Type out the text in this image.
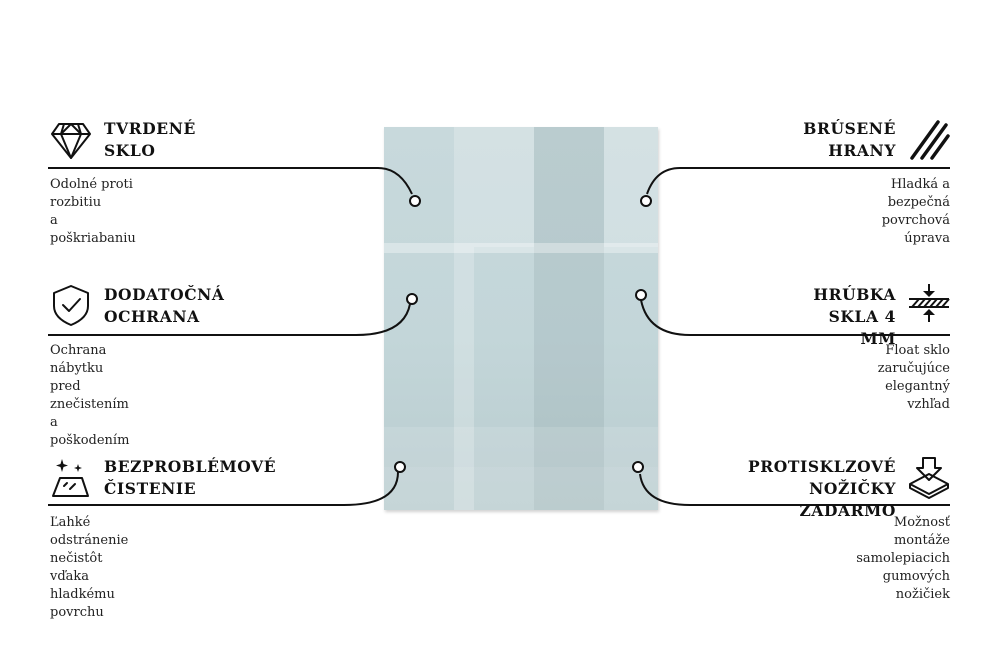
TVRDENÉ
SKLO
Odolné proti rozbitiu
a poškriabaniu
DODATOČNÁ
OCHRANA
Ochrana nábytku
pred znečistením a poškodením
BEZPROBLÉMOVÉ
ČISTENIE
Ľahké odstránenie nečistôt
vďaka hladkému povrchu
BRÚSENÉ
HRANY
Hladká a bezpečná
povrchová úprava
HRÚBKA
SKLA 4 MM
Float sklo zaručujúce
elegantný vzhľad
PROTISKLZOVÉ
NOŽIČKY ZADARMO
Možnosť montáže samolepiacich
gumových nožičiek
